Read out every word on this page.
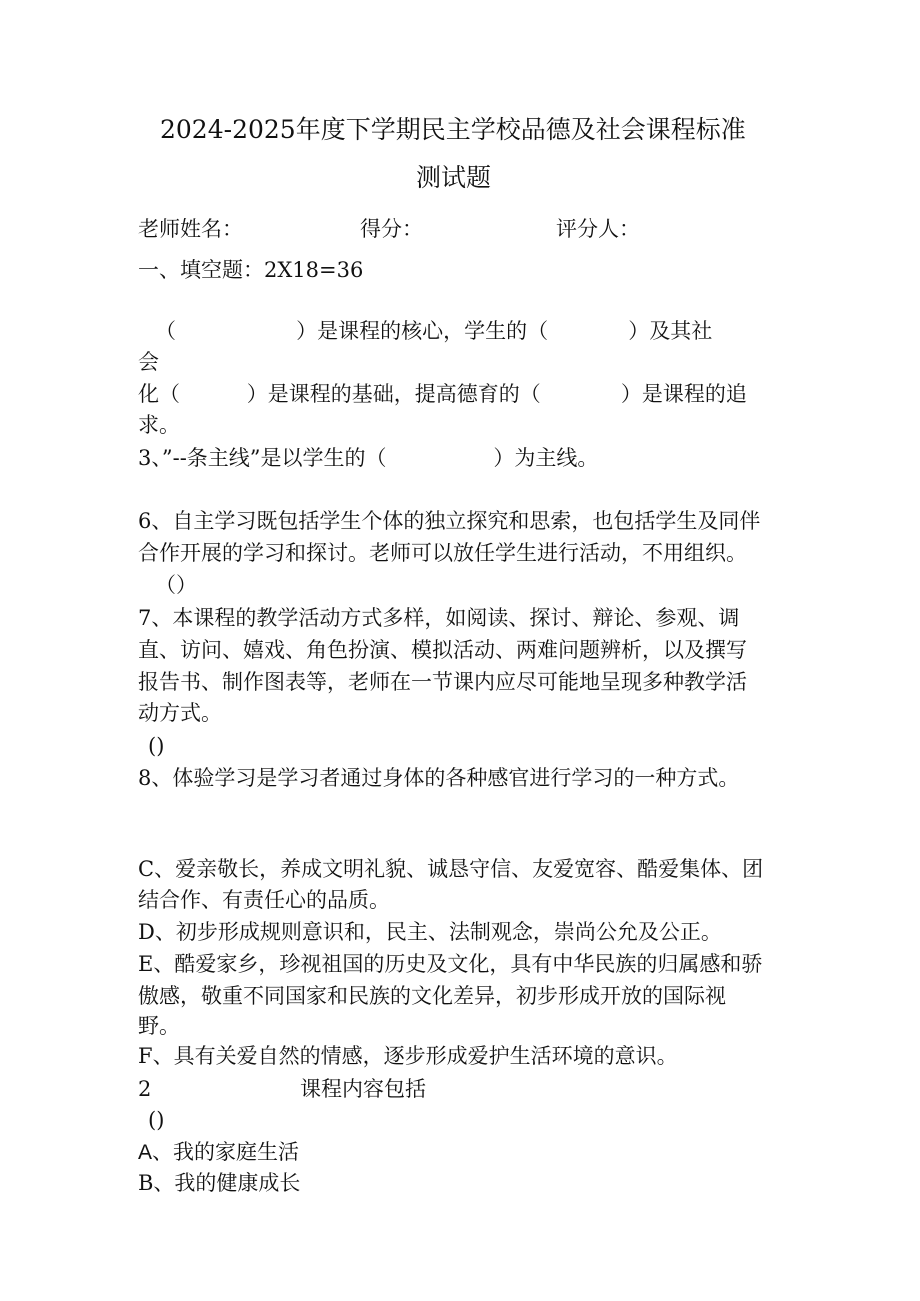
2024-2025年度下学期民主学校品德及社会课程标准

测试题

老师姓名：	得分：	评分人：

一、填空题：2X18=36

（                  ）是课程的核心，学生的（            ）及其社

会

化（          ）是课程的基础，提高德育的（            ）是课程的追

求。

3、”--条主线”是以学生的（                ）为主线。

6、自主学习既包括学生个体的独立探究和思索，也包括学生及同伴

合作开展的学习和探讨。老师可以放任学生进行活动，不用组织。

（）

7、本课程的教学活动方式多样，如阅读、探讨、辩论、参观、调

直、访问、嬉戏、角色扮演、模拟活动、两难问题辨析，以及撰写

报告书、制作图表等，老师在一节课内应尽可能地呈现多种教学活

动方式。

()

8、体验学习是学习者通过身体的各种感官进行学习的一种方式。

C、爱亲敬长，养成文明礼貌、诚恳守信、友爱宽容、酷爱集体、团

结合作、有责任心的品质。

D、初步形成规则意识和，民主、法制观念，崇尚公允及公正。

E、酷爱家乡，珍视祖国的历史及文化，具有中华民族的归属感和骄

傲感，敬重不同国家和民族的文化差异，初步形成开放的国际视

野。

F、具有关爱自然的情感，逐步形成爱护生活环境的意识。

2	课程内容包括

()

A、我的家庭生活

B、我的健康成长
